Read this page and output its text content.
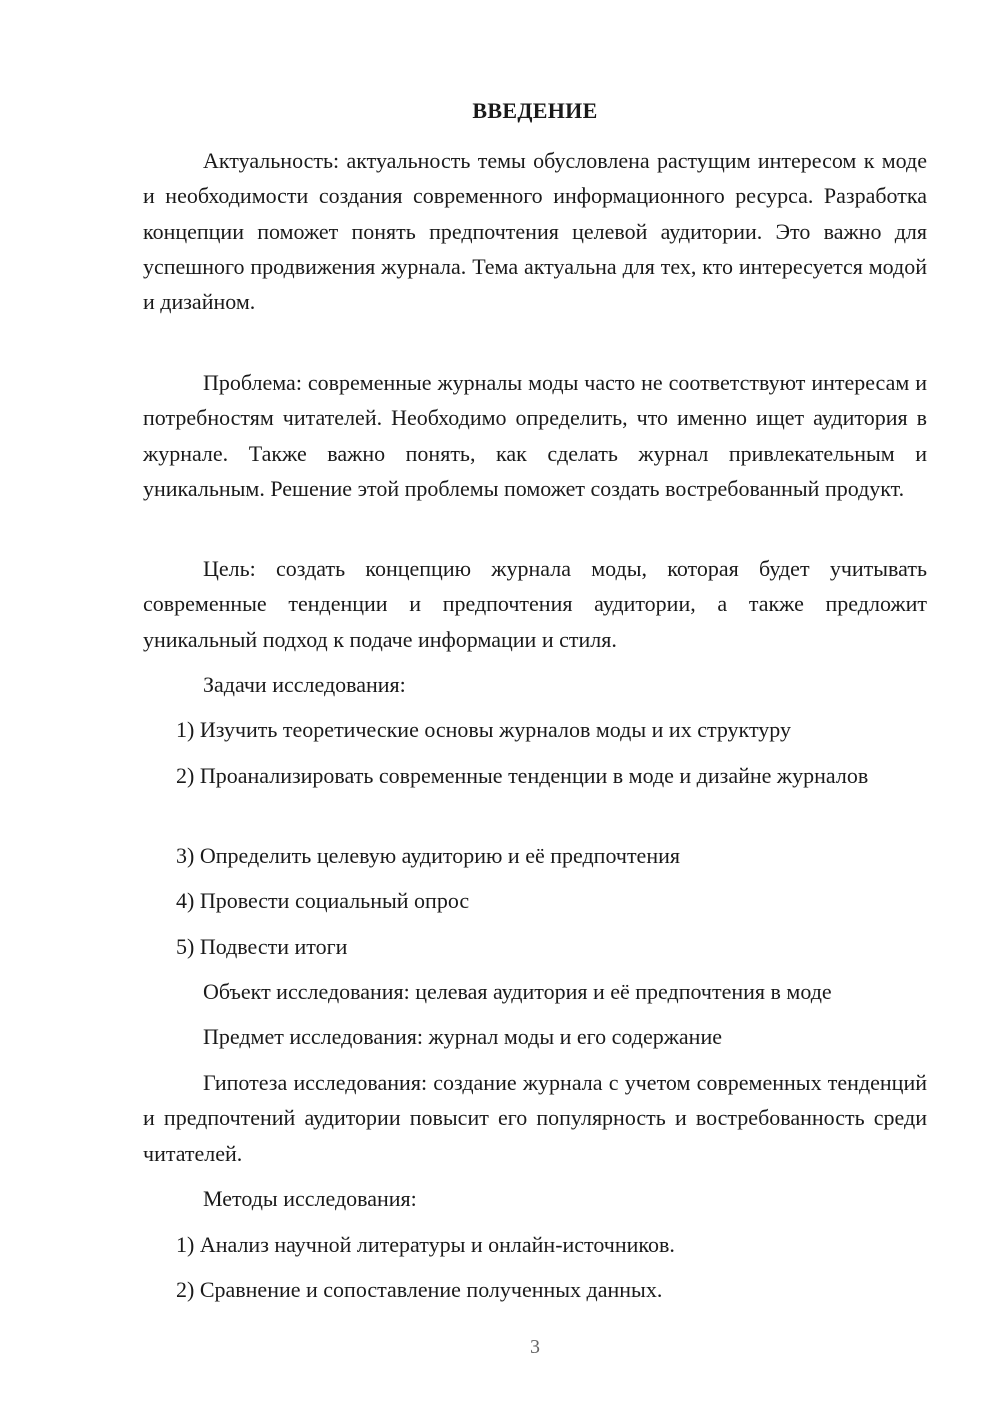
ВВЕДЕНИЕ

Актуальность: актуальность темы обусловлена растущим интересом к моде и необходимости создания современного информационного ресурса. Разработка концепции поможет понять предпочтения целевой аудитории. Это важно для успешного продвижения журнала. Тема актуальна для тех, кто интересуется модой и дизайном.

Проблема: современные журналы моды часто не соответствуют интересам и потребностям читателей. Необходимо определить, что именно ищет аудитория в журнале. Также важно понять, как сделать журнал привлекательным и уникальным. Решение этой проблемы поможет создать востребованный продукт.

Цель: создать концепцию журнала моды, которая будет учитывать современные тенденции и предпочтения аудитории, а также предложит уникальный подход к подаче информации и стиля.

Задачи исследования:

1) Изучить теоретические основы журналов моды и их структуру

2) Проанализировать современные тенденции в моде и дизайне журналов

3) Определить целевую аудиторию и её предпочтения

4) Провести социальный опрос

5) Подвести итоги

Объект исследования: целевая аудитория и её предпочтения в моде

Предмет исследования: журнал моды и его содержание

Гипотеза исследования: создание журнала с учетом современных тенденций и предпочтений аудитории повысит его популярность и востребованность среди читателей.

Методы исследования:

1) Анализ научной литературы и онлайн-источников.

2) Сравнение и сопоставление полученных данных.

3
